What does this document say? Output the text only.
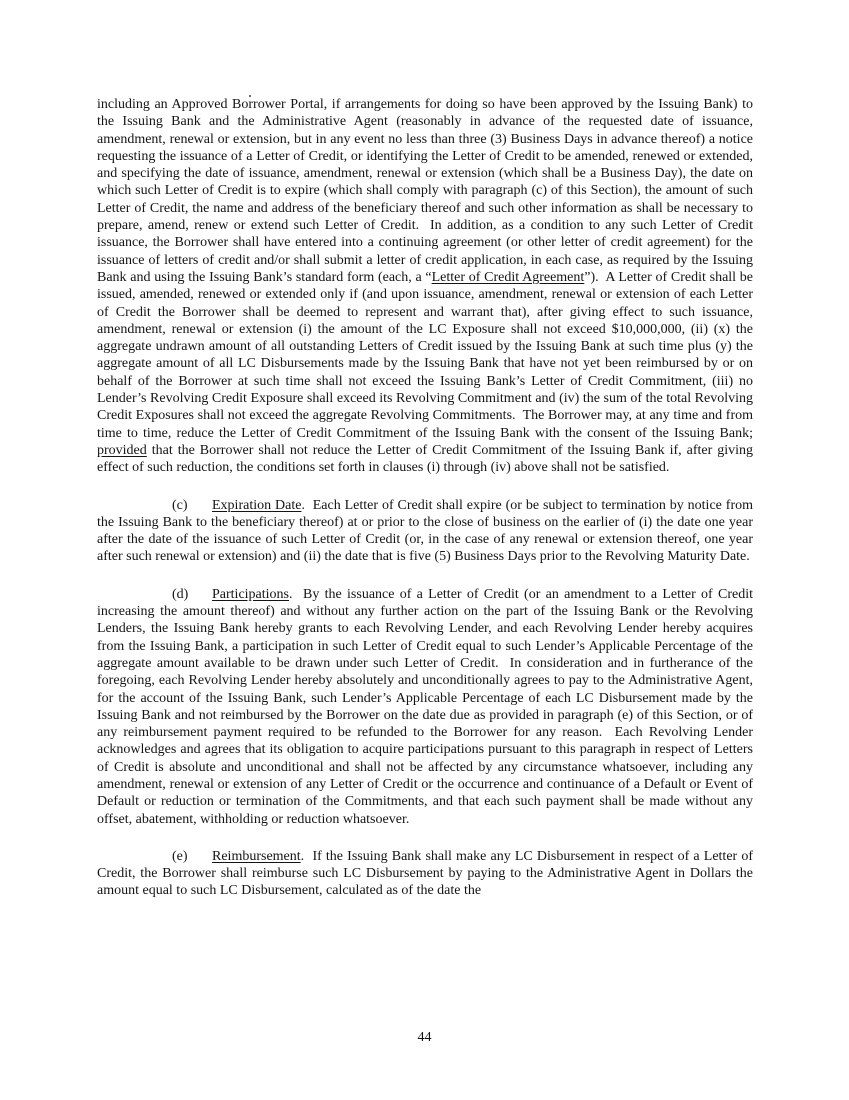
including an Approved Borrower Portal, if arrangements for doing so have been approved by the Issuing Bank) to the Issuing Bank and the Administrative Agent (reasonably in advance of the requested date of issuance, amendment, renewal or extension, but in any event no less than three (3) Business Days in advance thereof) a notice requesting the issuance of a Letter of Credit, or identifying the Letter of Credit to be amended, renewed or extended, and specifying the date of issuance, amendment, renewal or extension (which shall be a Business Day), the date on which such Letter of Credit is to expire (which shall comply with paragraph (c) of this Section), the amount of such Letter of Credit, the name and address of the beneficiary thereof and such other information as shall be necessary to prepare, amend, renew or extend such Letter of Credit.  In addition, as a condition to any such Letter of Credit issuance, the Borrower shall have entered into a continuing agreement (or other letter of credit agreement) for the issuance of letters of credit and/or shall submit a letter of credit application, in each case, as required by the Issuing Bank and using the Issuing Bank’s standard form (each, a “Letter of Credit Agreement”).  A Letter of Credit shall be issued, amended, renewed or extended only if (and upon issuance, amendment, renewal or extension of each Letter of Credit the Borrower shall be deemed to represent and warrant that), after giving effect to such issuance, amendment, renewal or extension (i) the amount of the LC Exposure shall not exceed $10,000,000, (ii) (x) the aggregate undrawn amount of all outstanding Letters of Credit issued by the Issuing Bank at such time plus (y) the aggregate amount of all LC Disbursements made by the Issuing Bank that have not yet been reimbursed by or on behalf of the Borrower at such time shall not exceed the Issuing Bank’s Letter of Credit Commitment, (iii) no Lender’s Revolving Credit Exposure shall exceed its Revolving Commitment and (iv) the sum of the total Revolving Credit Exposures shall not exceed the aggregate Revolving Commitments.  The Borrower may, at any time and from time to time, reduce the Letter of Credit Commitment of the Issuing Bank with the consent of the Issuing Bank; provided that the Borrower shall not reduce the Letter of Credit Commitment of the Issuing Bank if, after giving effect of such reduction, the conditions set forth in clauses (i) through (iv) above shall not be satisfied.

(c) Expiration Date.  Each Letter of Credit shall expire (or be subject to termination by notice from the Issuing Bank to the beneficiary thereof) at or prior to the close of business on the earlier of (i) the date one year after the date of the issuance of such Letter of Credit (or, in the case of any renewal or extension thereof, one year after such renewal or extension) and (ii) the date that is five (5) Business Days prior to the Revolving Maturity Date.

(d) Participations.  By the issuance of a Letter of Credit (or an amendment to a Letter of Credit increasing the amount thereof) and without any further action on the part of the Issuing Bank or the Revolving Lenders, the Issuing Bank hereby grants to each Revolving Lender, and each Revolving Lender hereby acquires from the Issuing Bank, a participation in such Letter of Credit equal to such Lender’s Applicable Percentage of the aggregate amount available to be drawn under such Letter of Credit.  In consideration and in furtherance of the foregoing, each Revolving Lender hereby absolutely and unconditionally agrees to pay to the Administrative Agent, for the account of the Issuing Bank, such Lender’s Applicable Percentage of each LC Disbursement made by the Issuing Bank and not reimbursed by the Borrower on the date due as provided in paragraph (e) of this Section, or of any reimbursement payment required to be refunded to the Borrower for any reason.  Each Revolving Lender acknowledges and agrees that its obligation to acquire participations pursuant to this paragraph in respect of Letters of Credit is absolute and unconditional and shall not be affected by any circumstance whatsoever, including any amendment, renewal or extension of any Letter of Credit or the occurrence and continuance of a Default or Event of Default or reduction or termination of the Commitments, and that each such payment shall be made without any offset, abatement, withholding or reduction whatsoever.

(e) Reimbursement.  If the Issuing Bank shall make any LC Disbursement in respect of a Letter of Credit, the Borrower shall reimburse such LC Disbursement by paying to the Administrative Agent in Dollars the amount equal to such LC Disbursement, calculated as of the date the

44
